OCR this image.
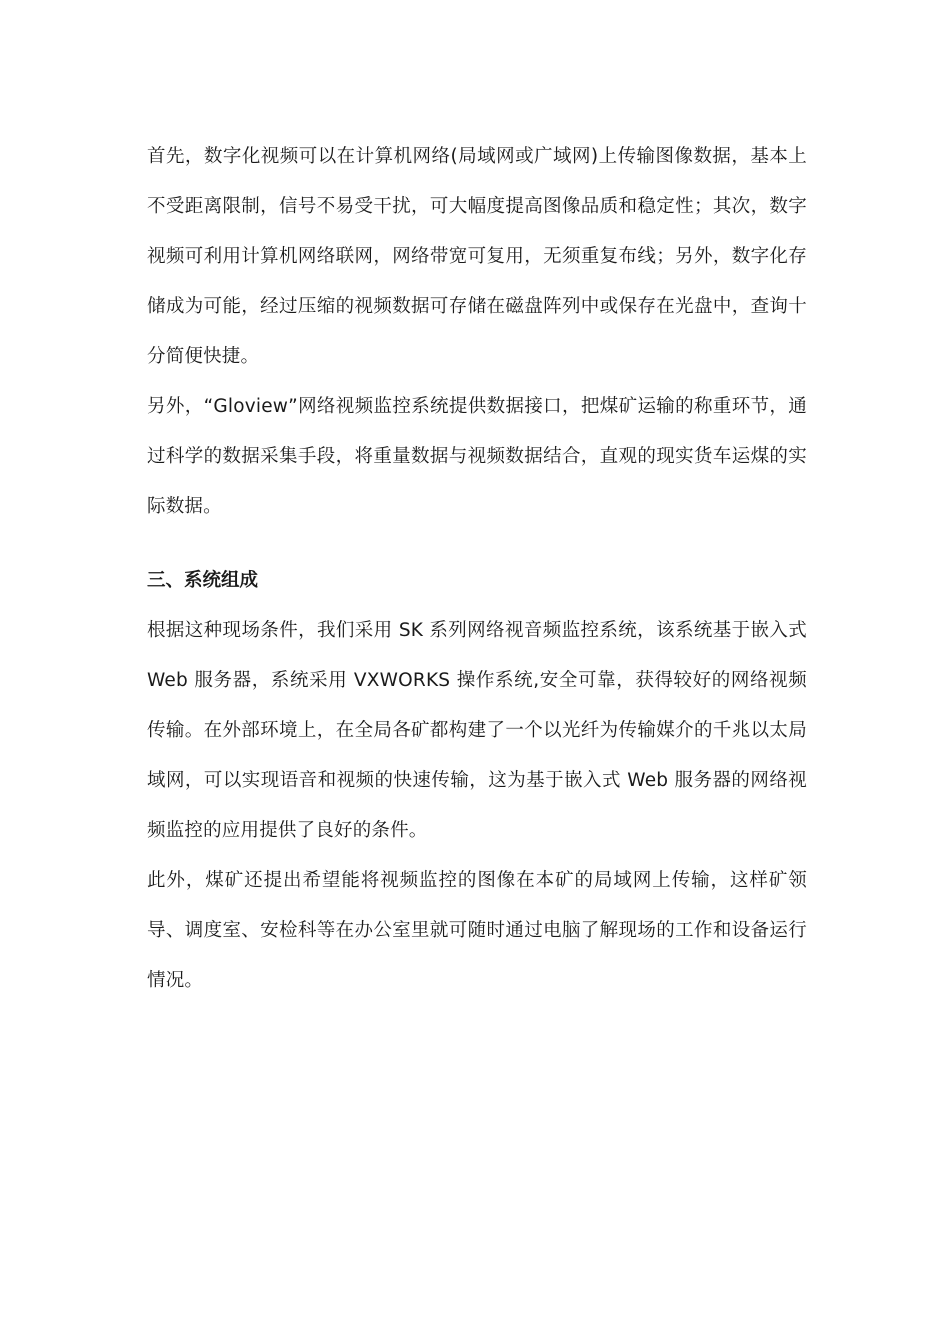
首先，数字化视频可以在计算机网络(局域网或广域网)上传输图像数据，基本上不受距离限制，信号不易受干扰，可大幅度提高图像品质和稳定性；其次，数字视频可利用计算机网络联网，网络带宽可复用，无须重复布线；另外，数字化存储成为可能，经过压缩的视频数据可存储在磁盘阵列中或保存在光盘中，查询十分简便快捷。

另外，“Gloview”网络视频监控系统提供数据接口，把煤矿运输的称重环节，通过科学的数据采集手段，将重量数据与视频数据结合，直观的现实货车运煤的实际数据。

三、系统组成

根据这种现场条件，我们采用 SK 系列网络视音频监控系统，该系统基于嵌入式 Web 服务器，系统采用 VXWORKS 操作系统,安全可靠，获得较好的网络视频传输。在外部环境上，在全局各矿都构建了一个以光纤为传输媒介的千兆以太局域网，可以实现语音和视频的快速传输，这为基于嵌入式 Web 服务器的网络视频监控的应用提供了良好的条件。

此外，煤矿还提出希望能将视频监控的图像在本矿的局域网上传输，这样矿领导、调度室、安检科等在办公室里就可随时通过电脑了解现场的工作和设备运行情况。
